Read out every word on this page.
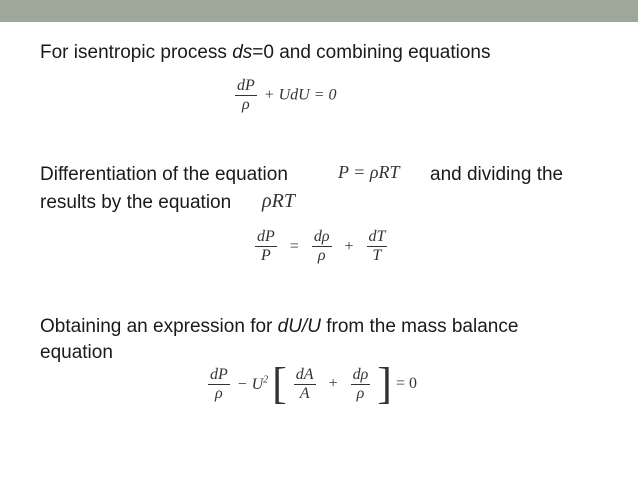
For isentropic process ds=0 and combining equations
$\frac{dP}{\rho}$ + UdU = 0
Differentiation of the equation	P = ρRT and dividing the
results by the equation ρRT
$\frac{dP}{P} = \frac{d\rho}{\rho} + \frac{dT}{T}$
Obtaining an expression for dU/U from the mass balance
equation
$\frac{dP}{\rho} - U^2$ [ $\frac{dA}{A} + \frac{d\rho}{\rho}$ ] = 0
